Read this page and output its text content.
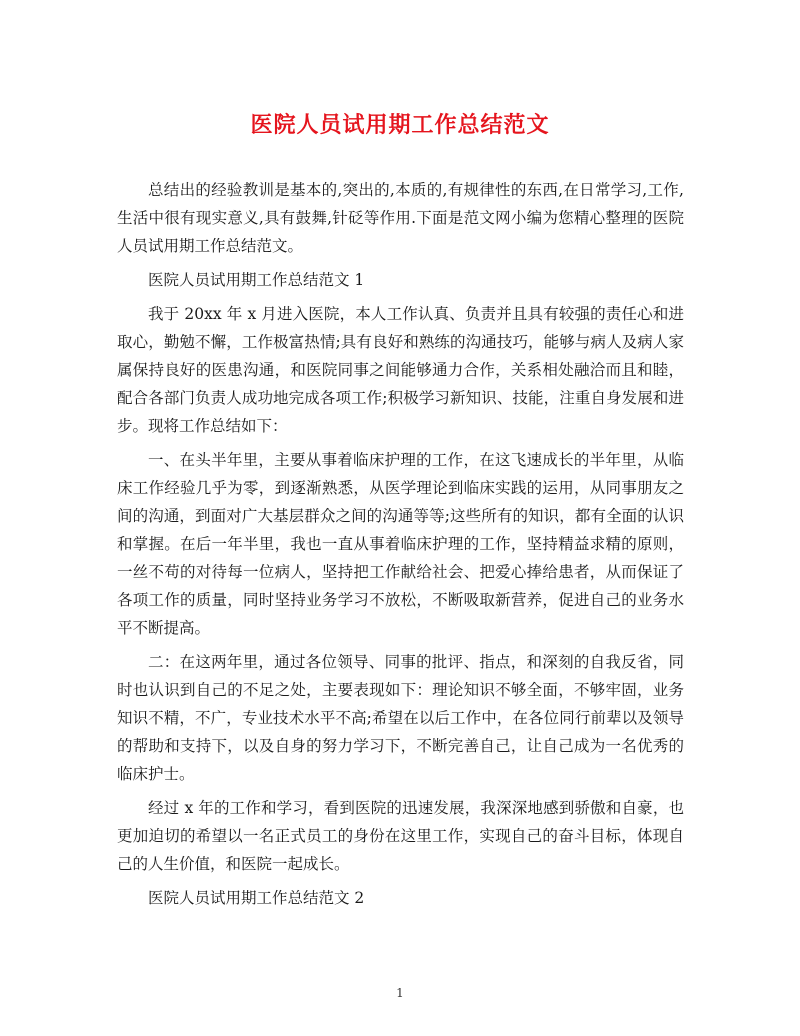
医院人员试用期工作总结范文

总结出的经验教训是基本的,突出的,本质的,有规律性的东西,在日常学习,工作,生活中很有现实意义,具有鼓舞,针砭等作用.下面是范文网小编为您精心整理的医院人员试用期工作总结范文。

医院人员试用期工作总结范文 1

我于 20xx 年 x 月进入医院，本人工作认真、负责并且具有较强的责任心和进取心，勤勉不懈，工作极富热情;具有良好和熟练的沟通技巧，能够与病人及病人家属保持良好的医患沟通，和医院同事之间能够通力合作，关系相处融洽而且和睦，配合各部门负责人成功地完成各项工作;积极学习新知识、技能，注重自身发展和进步。现将工作总结如下：

一、在头半年里，主要从事着临床护理的工作，在这飞速成长的半年里，从临床工作经验几乎为零，到逐渐熟悉，从医学理论到临床实践的运用，从同事朋友之间的沟通，到面对广大基层群众之间的沟通等等;这些所有的知识，都有全面的认识和掌握。在后一年半里，我也一直从事着临床护理的工作，坚持精益求精的原则，一丝不苟的对待每一位病人，坚持把工作献给社会、把爱心捧给患者，从而保证了各项工作的质量，同时坚持业务学习不放松，不断吸取新营养，促进自己的业务水平不断提高。

二：在这两年里，通过各位领导、同事的批评、指点，和深刻的自我反省，同时也认识到自己的不足之处，主要表现如下：理论知识不够全面，不够牢固，业务知识不精，不广，专业技术水平不高;希望在以后工作中，在各位同行前辈以及领导的帮助和支持下，以及自身的努力学习下，不断完善自己，让自己成为一名优秀的临床护士。

经过 x 年的工作和学习，看到医院的迅速发展，我深深地感到骄傲和自豪，也更加迫切的希望以一名正式员工的身份在这里工作，实现自己的奋斗目标，体现自己的人生价值，和医院一起成长。

医院人员试用期工作总结范文 2

1
